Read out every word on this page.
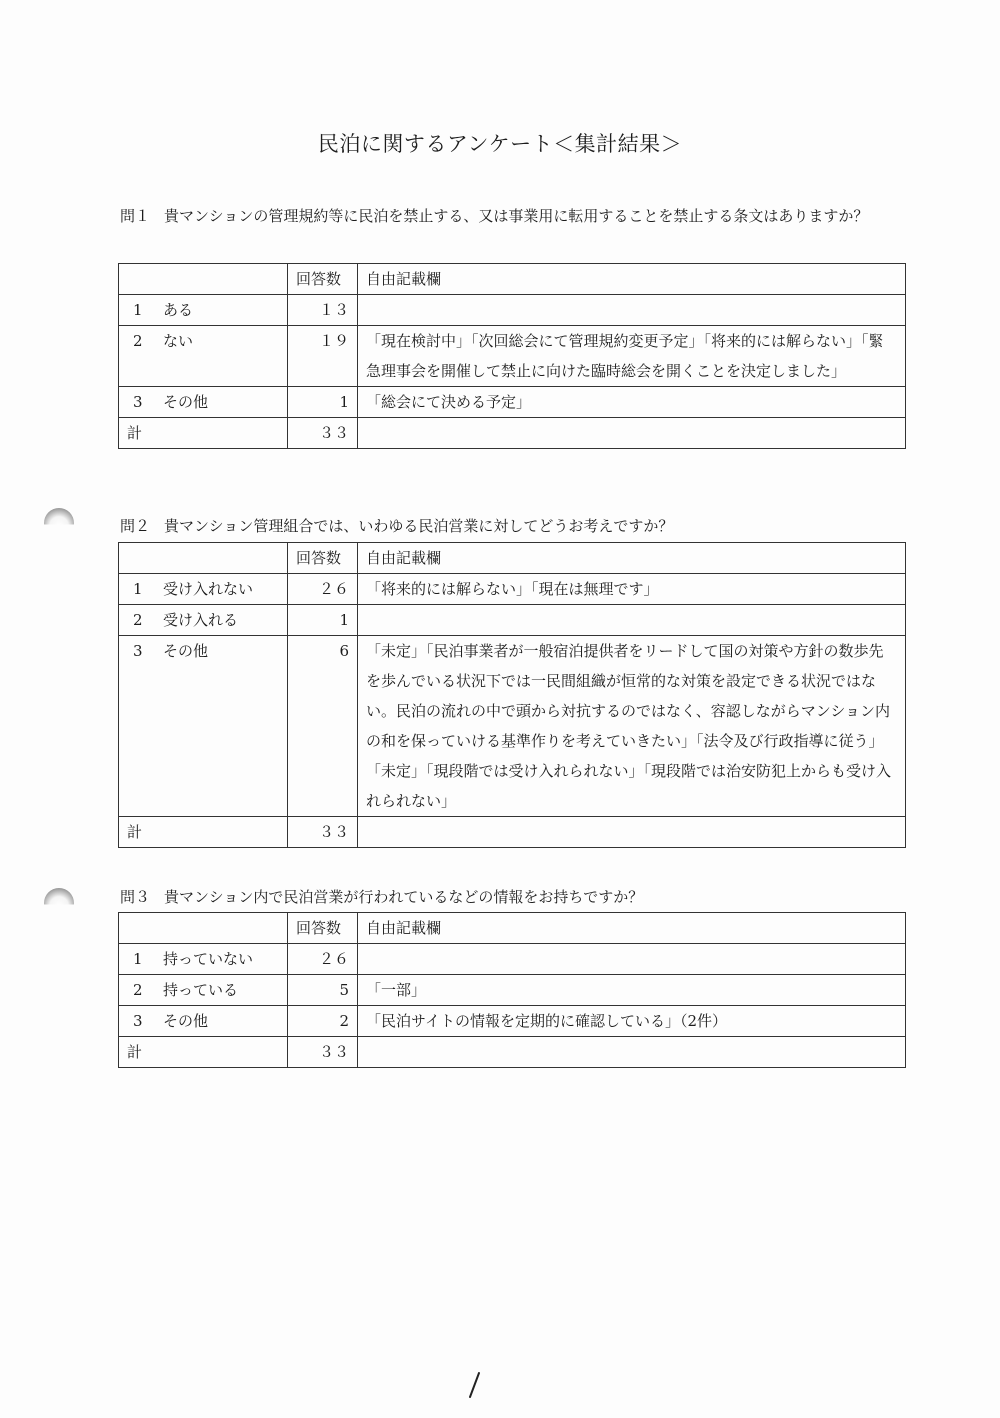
民泊に関するアンケート＜集計結果＞
問１ 貴マンションの管理規約等に民泊を禁止する、又は事業用に転用することを禁止する条文はありますか？
	回答数	自由記載欄
1 ある	１３	
2 ない	１９	「現在検討中」「次回総会にて管理規約変更予定」「将来的には解らない」「緊急理事会を開催して禁止に向けた臨時総会を開くことを決定しました」
3 その他	1	「総会にて決める予定」
計	３３	
問２ 貴マンション管理組合では、いわゆる民泊営業に対してどうお考えですか？
	回答数	自由記載欄
1 受け入れない	２６	「将来的には解らない」「現在は無理です」
2 受け入れる	1	
3 その他	6	「未定」「民泊事業者が一般宿泊提供者をリードして国の対策や方針の数歩先を歩んでいる状況下では一民間組織が恒常的な対策を設定できる状況ではない。民泊の流れの中で頭から対抗するのではなく、容認しながらマンション内の和を保っていける基準作りを考えていきたい」「法令及び行政指導に従う」「未定」「現段階では受け入れられない」「現段階では治安防犯上からも受け入れられない」
計	３３	
問３ 貴マンション内で民泊営業が行われているなどの情報をお持ちですか？
	回答数	自由記載欄
1 持っていない	２６	
2 持っている	5	「一部」
3 その他	2	「民泊サイトの情報を定期的に確認している」（2件）
計	３３	
